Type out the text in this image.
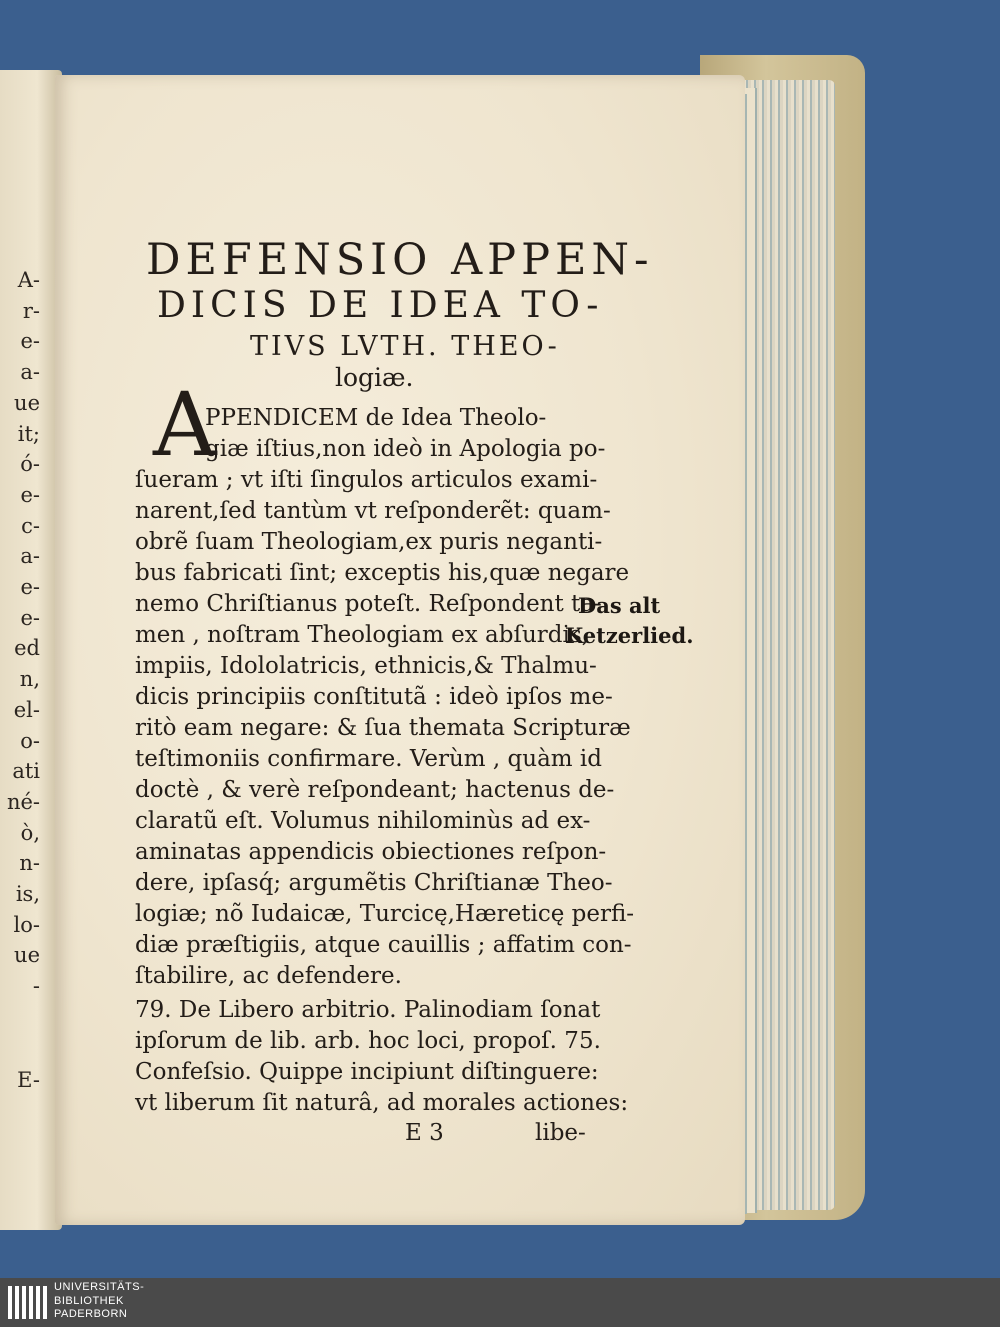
A-
r-
e-
a-
ue
it;
ó-
e-
c-
a-
e-
e-
ed
n,
el-
o-
ati
né-
ò,
n-
is,
lo-
ue
-
E-
DEFENSIO APPEN-
DICIS DE IDEA TO-
TIVS LVTH. THEO-
logiæ.
A
PPENDICEM de Idea Theolo-
giæ iſtius,non ideò in Apologia po-
ſueram ; vt iſti ſingulos articulos exami-
narent,ſed tantùm vt reſponderẽt: quam-
obrẽ ſuam Theologiam,ex puris neganti-
bus fabricati ſint; exceptis his,quæ negare
nemo Chriſtianus poteſt. Reſpondent ta-
men , noſtram Theologiam ex abſurdis,
impiis, Idololatricis, ethnicis,& Thalmu-
dicis principiis conſtitutã : ideò ipſos me-
ritò eam negare: & ſua themata Scripturæ
teſtimoniis confirmare. Verùm , quàm id
doctè , & verè reſpondeant; hactenus de-
claratũ eſt. Volumus nihilominùs ad ex-
aminatas appendicis obiectiones reſpon-
dere, ipſasq́; argumẽtis Chriſtianæ Theo-
logiæ; nõ Iudaicæ, Turcicę,Hæreticę perfi-
diæ præſtigiis, atque cauillis ; affatim con-
ſtabilire, ac defendere.
79. De Libero arbitrio. Palinodiam ſonat
ipſorum de lib. arb. hoc loci, propoſ. 75.
Confeſsio. Quippe incipiunt diſtinguere:
vt liberum ſit naturâ, ad morales actiones:
E 3	libe-
Das alt
Ketzerlied.
UNIVERSITÄTS-
BIBLIOTHEK
PADERBORN
